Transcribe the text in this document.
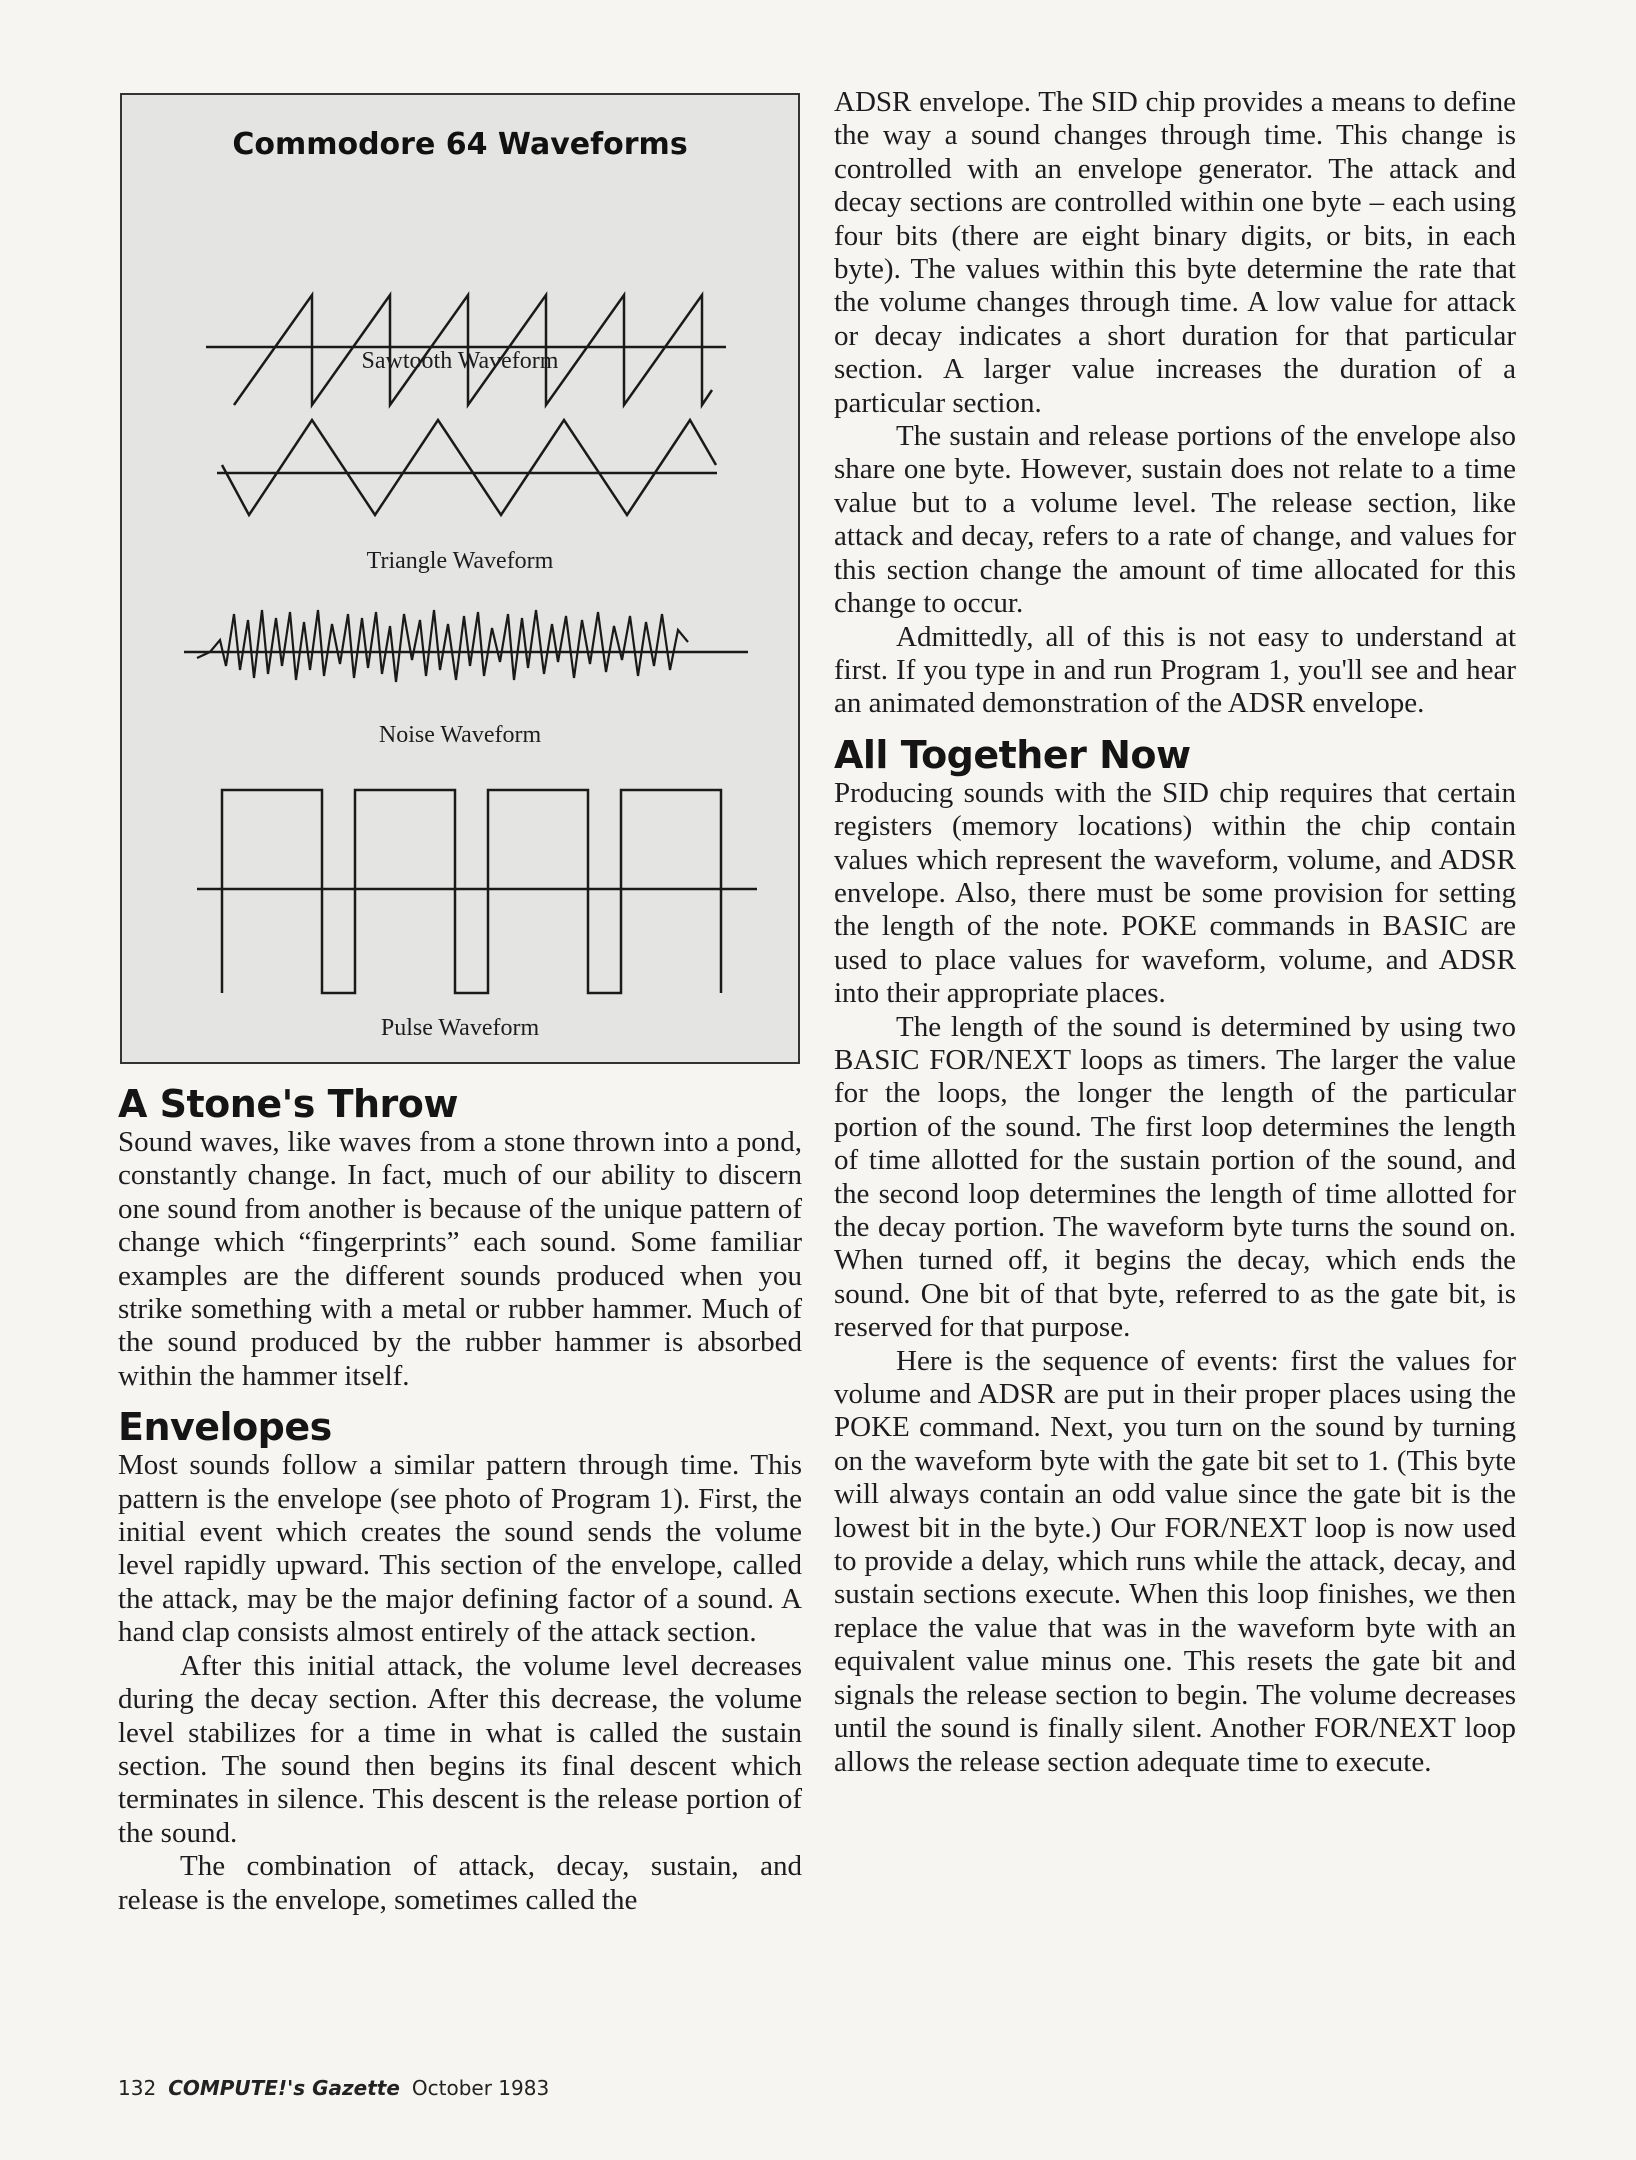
Commodore 64 Waveforms
Sawtooth Waveform
Triangle Waveform
Noise Waveform
Pulse Waveform
A Stone's Throw

Sound waves, like waves from a stone thrown into a pond, constantly change. In fact, much of our ability to discern one sound from another is because of the unique pattern of change which “fingerprints” each sound. Some familiar examples are the different sounds produced when you strike something with a metal or rubber hammer. Much of the sound produced by the rubber hammer is absorbed within the hammer itself.

Envelopes

Most sounds follow a similar pattern through time. This pattern is the envelope (see photo of Program 1). First, the initial event which creates the sound sends the volume level rapidly upward. This section of the envelope, called the attack, may be the major defining factor of a sound. A hand clap consists almost entirely of the attack section.

After this initial attack, the volume level decreases during the decay section. After this decrease, the volume level stabilizes for a time in what is called the sustain section. The sound then begins its final descent which terminates in silence. This descent is the release portion of the sound.

The combination of attack, decay, sustain, and release is the envelope, sometimes called the

ADSR envelope. The SID chip provides a means to define the way a sound changes through time. This change is controlled with an envelope generator. The attack and decay sections are controlled within one byte – each using four bits (there are eight binary digits, or bits, in each byte). The values within this byte determine the rate that the volume changes through time. A low value for attack or decay indicates a short duration for that particular section. A larger value increases the duration of a particular section.

The sustain and release portions of the envelope also share one byte. However, sustain does not relate to a time value but to a volume level. The release section, like attack and decay, refers to a rate of change, and values for this section change the amount of time allocated for this change to occur.

Admittedly, all of this is not easy to understand at first. If you type in and run Program 1, you'll see and hear an animated demonstration of the ADSR envelope.

All Together Now

Producing sounds with the SID chip requires that certain registers (memory locations) within the chip contain values which represent the waveform, volume, and ADSR envelope. Also, there must be some provision for setting the length of the note. POKE commands in BASIC are used to place values for waveform, volume, and ADSR into their appropriate places.

The length of the sound is determined by using two BASIC FOR/NEXT loops as timers. The larger the value for the loops, the longer the length of the particular portion of the sound. The first loop determines the length of time allotted for the sustain portion of the sound, and the second loop determines the length of time allotted for the decay portion. The waveform byte turns the sound on. When turned off, it begins the decay, which ends the sound. One bit of that byte, referred to as the gate bit, is reserved for that purpose.

Here is the sequence of events: first the values for volume and ADSR are put in their proper places using the POKE command. Next, you turn on the sound by turning on the waveform byte with the gate bit set to 1. (This byte will always contain an odd value since the gate bit is the lowest bit in the byte.) Our FOR/NEXT loop is now used to provide a delay, which runs while the attack, decay, and sustain sections execute. When this loop finishes, we then replace the value that was in the waveform byte with an equivalent value minus one. This resets the gate bit and signals the release section to begin. The volume decreases until the sound is finally silent. Another FOR/NEXT loop allows the release section adequate time to execute.

132 COMPUTE!'s Gazette October 1983
